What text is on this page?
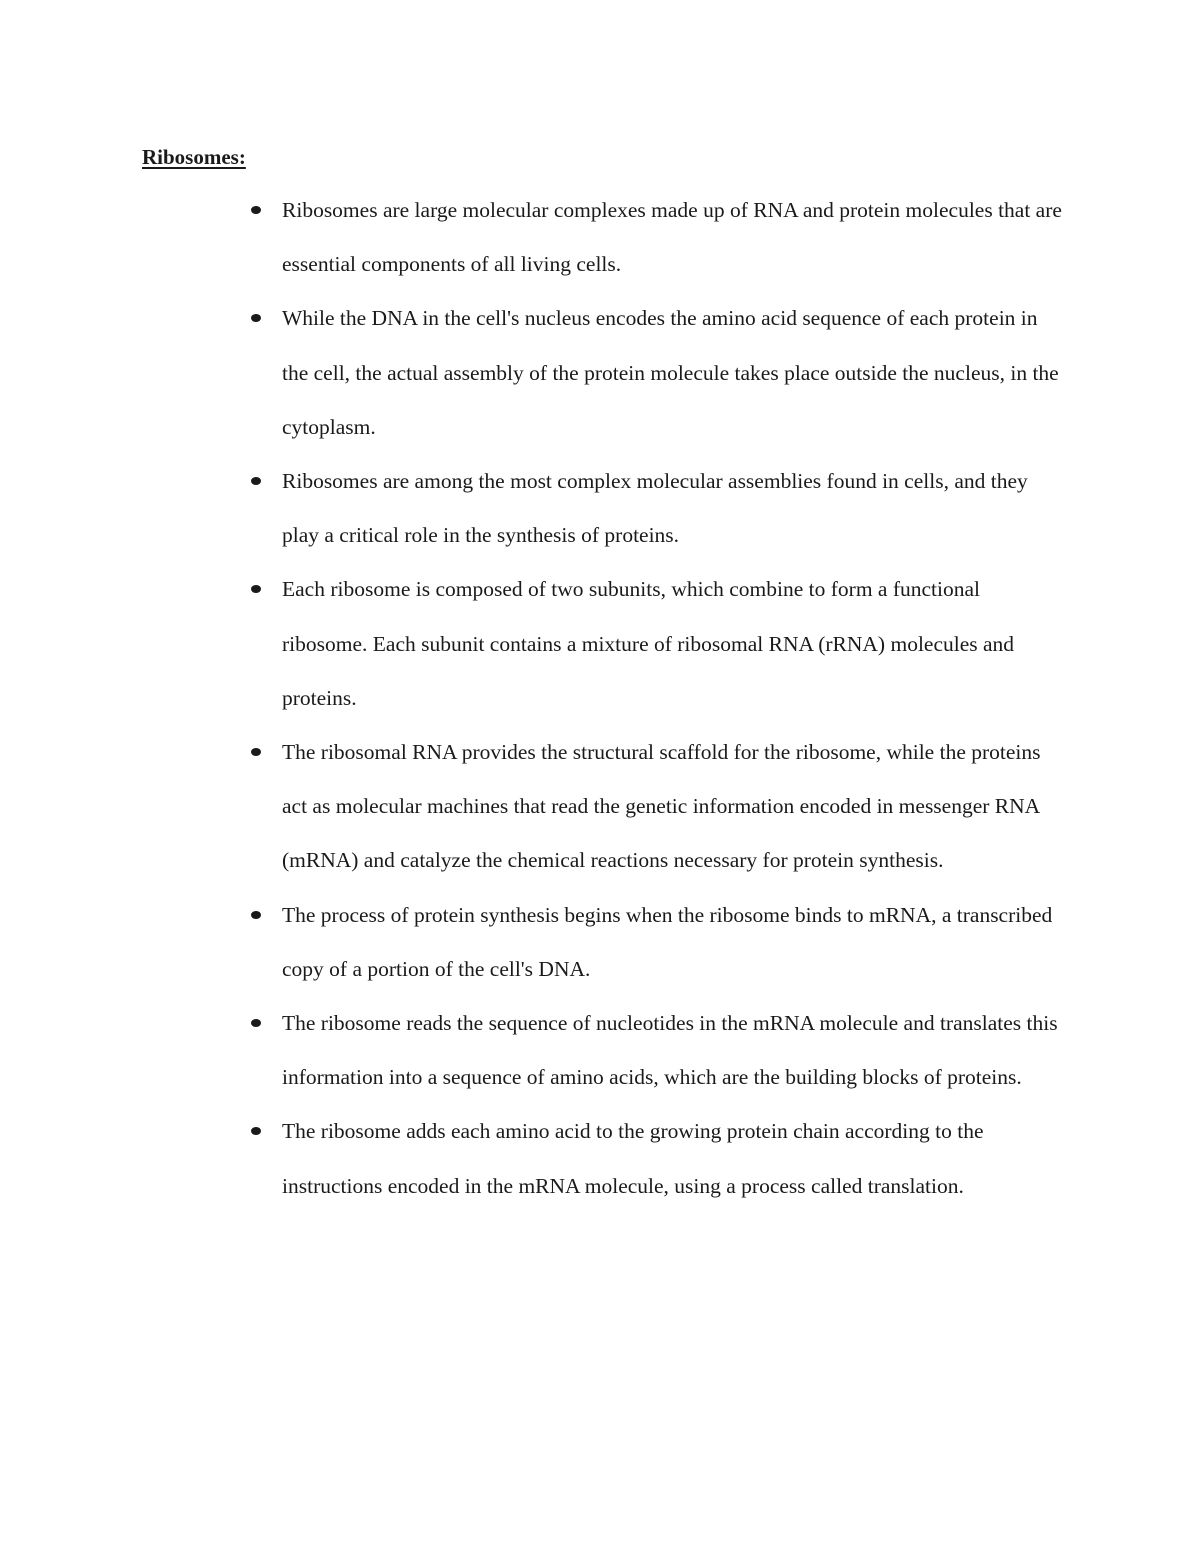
Ribosomes:
Ribosomes are large molecular complexes made up of RNA and protein molecules that are essential components of all living cells.
While the DNA in the cell's nucleus encodes the amino acid sequence of each protein in the cell, the actual assembly of the protein molecule takes place outside the nucleus, in the cytoplasm.
Ribosomes are among the most complex molecular assemblies found in cells, and they play a critical role in the synthesis of proteins.
Each ribosome is composed of two subunits, which combine to form a functional ribosome. Each subunit contains a mixture of ribosomal RNA (rRNA) molecules and proteins.
The ribosomal RNA provides the structural scaffold for the ribosome, while the proteins act as molecular machines that read the genetic information encoded in messenger RNA (mRNA) and catalyze the chemical reactions necessary for protein synthesis.
The process of protein synthesis begins when the ribosome binds to mRNA, a transcribed copy of a portion of the cell's DNA.
The ribosome reads the sequence of nucleotides in the mRNA molecule and translates this information into a sequence of amino acids, which are the building blocks of proteins.
The ribosome adds each amino acid to the growing protein chain according to the instructions encoded in the mRNA molecule, using a process called translation.
